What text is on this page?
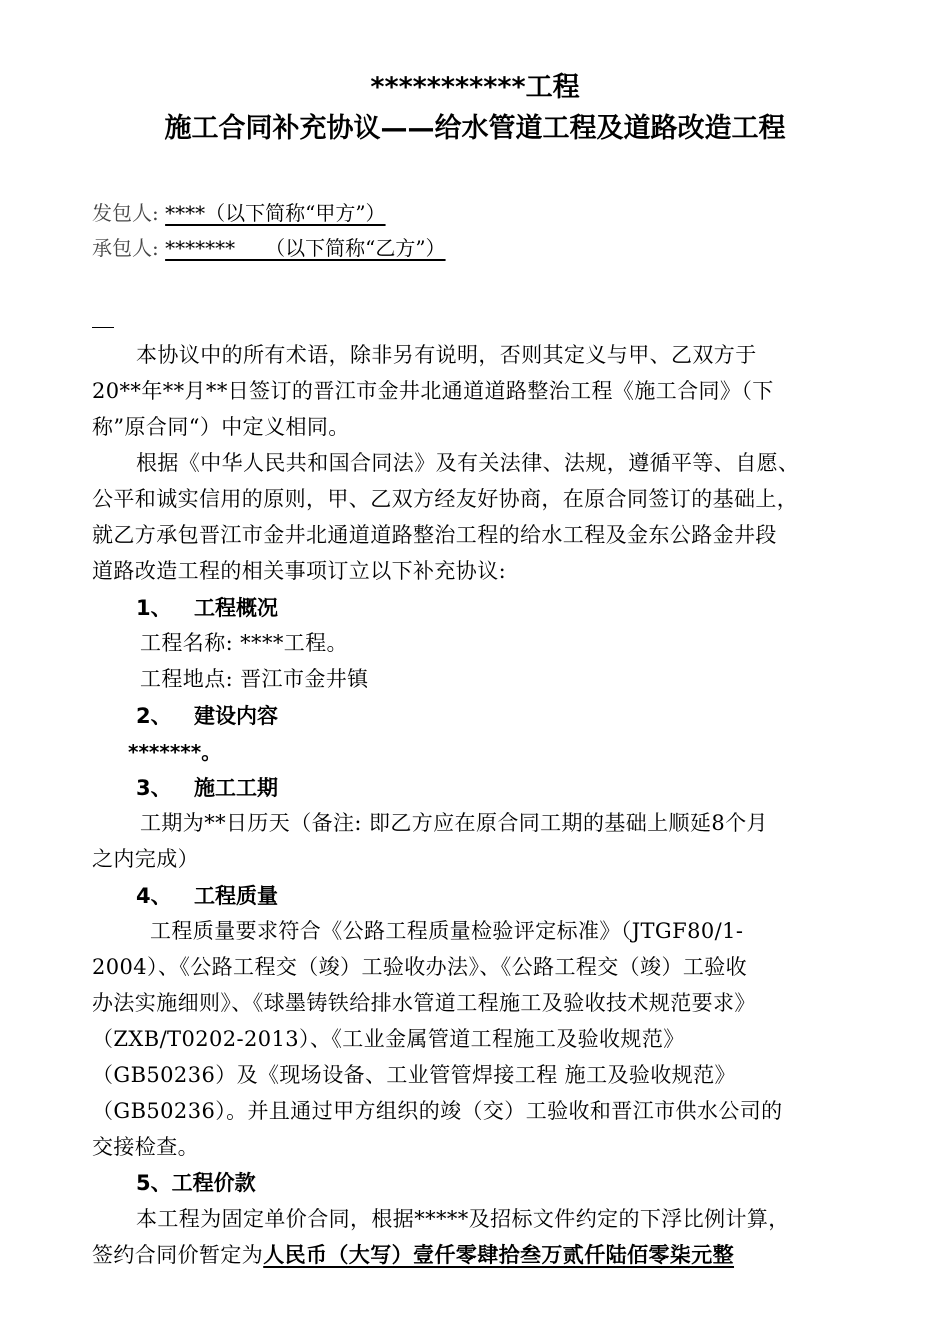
***********工程
施工合同补充协议——给水管道工程及道路改造工程
发包人: ****（以下简称“甲方”）
承包人: *******　　（以下简称“乙方”）
本协议中的所有术语，除非另有说明，否则其定义与甲、乙双方于
20**年**月**日签订的晋江市金井北通道道路整治工程《施工合同》（下
称”原合同“）中定义相同。
根据《中华人民共和国合同法》及有关法律、法规，遵循平等、自愿、
公平和诚实信用的原则，甲、乙双方经友好协商，在原合同签订的基础上，
就乙方承包晋江市金井北通道道路整治工程的给水工程及金东公路金井段
道路改造工程的相关事项订立以下补充协议:
1、 工程概况
工程名称: ****工程。
工程地点: 晋江市金井镇
2、 建设内容
*******。
3、 施工工期
工期为**日历天（备注: 即乙方应在原合同工期的基础上顺延8个月
之内完成）
4、 工程质量
工程质量要求符合《公路工程质量检验评定标准》（JTGF80/1-
2004）、《公路工程交（竣）工验收办法》、《公路工程交（竣）工验收
办法实施细则》、《球墨铸铁给排水管道工程施工及验收技术规范要求》
（ZXB/T0202-2013）、《工业金属管道工程施工及验收规范》
（GB50236）及《现场设备、工业管管焊接工程 施工及验收规范》
（GB50236）。并且通过甲方组织的竣（交）工验收和晋江市供水公司的
交接检查。
5、工程价款
本工程为固定单价合同，根据*****及招标文件约定的下浮比例计算，
签约合同价暂定为人民币（大写）壹仟零肆拾叁万贰仟陆佰零柒元整
